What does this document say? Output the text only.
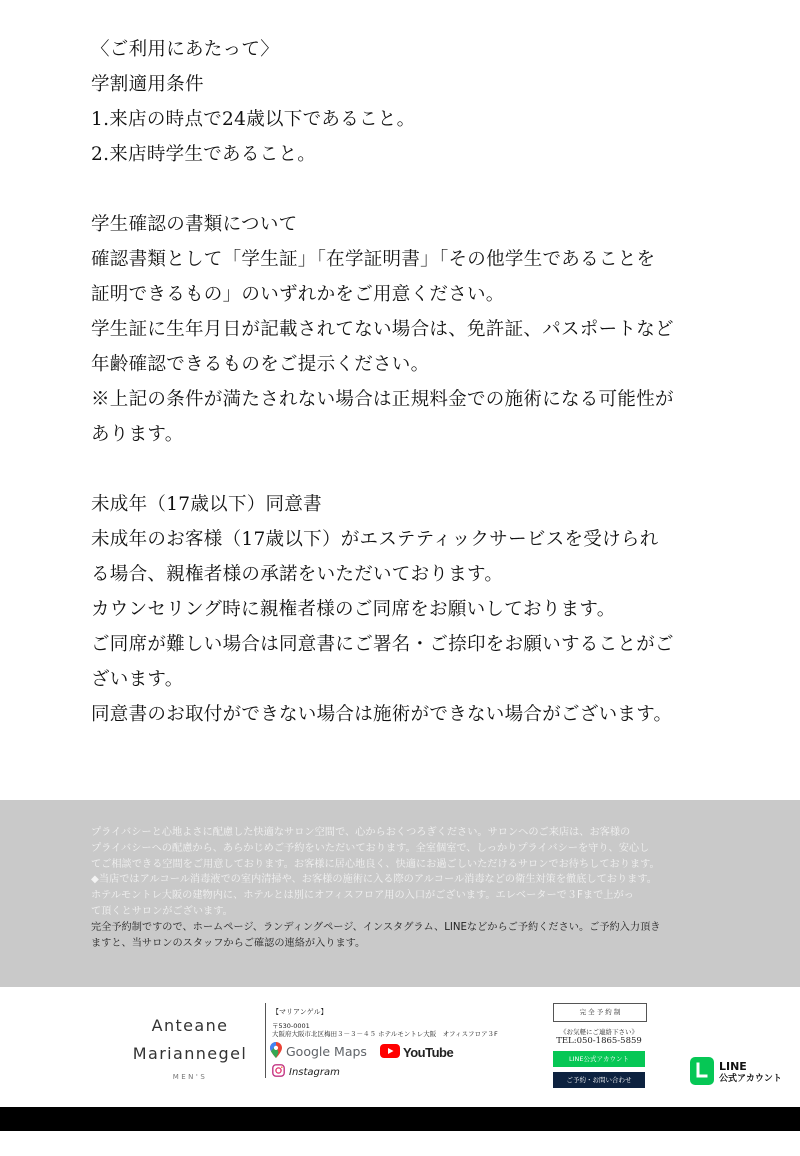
〈ご利用にあたって〉

学割適用条件

1.来店の時点で24歳以下であること。

2.来店時学生であること。

学生確認の書類について

確認書類として「学生証」「在学証明書」「その他学生であることを

証明できるもの」のいずれかをご用意ください。

学生証に生年月日が記載されてない場合は、免許証、パスポートなど

年齢確認できるものをご提示ください。

※上記の条件が満たされない場合は正規料金での施術になる可能性が

あります。

未成年（17歳以下）同意書

未成年のお客様（17歳以下）がエステティックサービスを受けられ

る場合、親権者様の承諾をいただいております。

カウンセリング時に親権者様のご同席をお願いしております。

ご同席が難しい場合は同意書にご署名・ご捺印をお願いすることがご

ざいます。

同意書のお取付ができない場合は施術ができない場合がございます。

プライバシーと心地よさに配慮した快適なサロン空間で、心からおくつろぎください。サロンへのご来店は、お客様の

プライバシーへの配慮から、あらかじめご予約をいただいております。全室個室で、しっかりプライバシーを守り、安心し

てご相談できる空間をご用意しております。お客様に居心地良く、快適にお過ごしいただけるサロンでお待ちしております。

◆当店ではアルコール消毒液での室内清掃や、お客様の施術に入る際のアルコール消毒などの衛生対策を徹底しております。

ホテルモントレ大阪の建物内に、ホテルとは別にオフィスフロア用の入口がございます。エレベーターで３Fまで上がっ

て頂くとサロンがございます。

完全予約制ですので、ホームページ、ランディングページ、インスタグラム、LINEなどからご予約ください。ご予約入力頂き

ますと、当サロンのスタッフからご確認の連絡が入ります。

Anteane
Mariannegel
MEN'S
【マリアンゲル】
〒530-0001
大阪府大阪市北区梅田３－３－４５ ホテルモントレ大阪　オフィスフロア３F
Google Maps	YouTube
Instagram
完 全 予 約 制
《お気軽にご連絡下さい》
TEL:050-1865-5859
LINE公式アカウント
ご予約・お問い合わせ
LINE
公式アカウント
